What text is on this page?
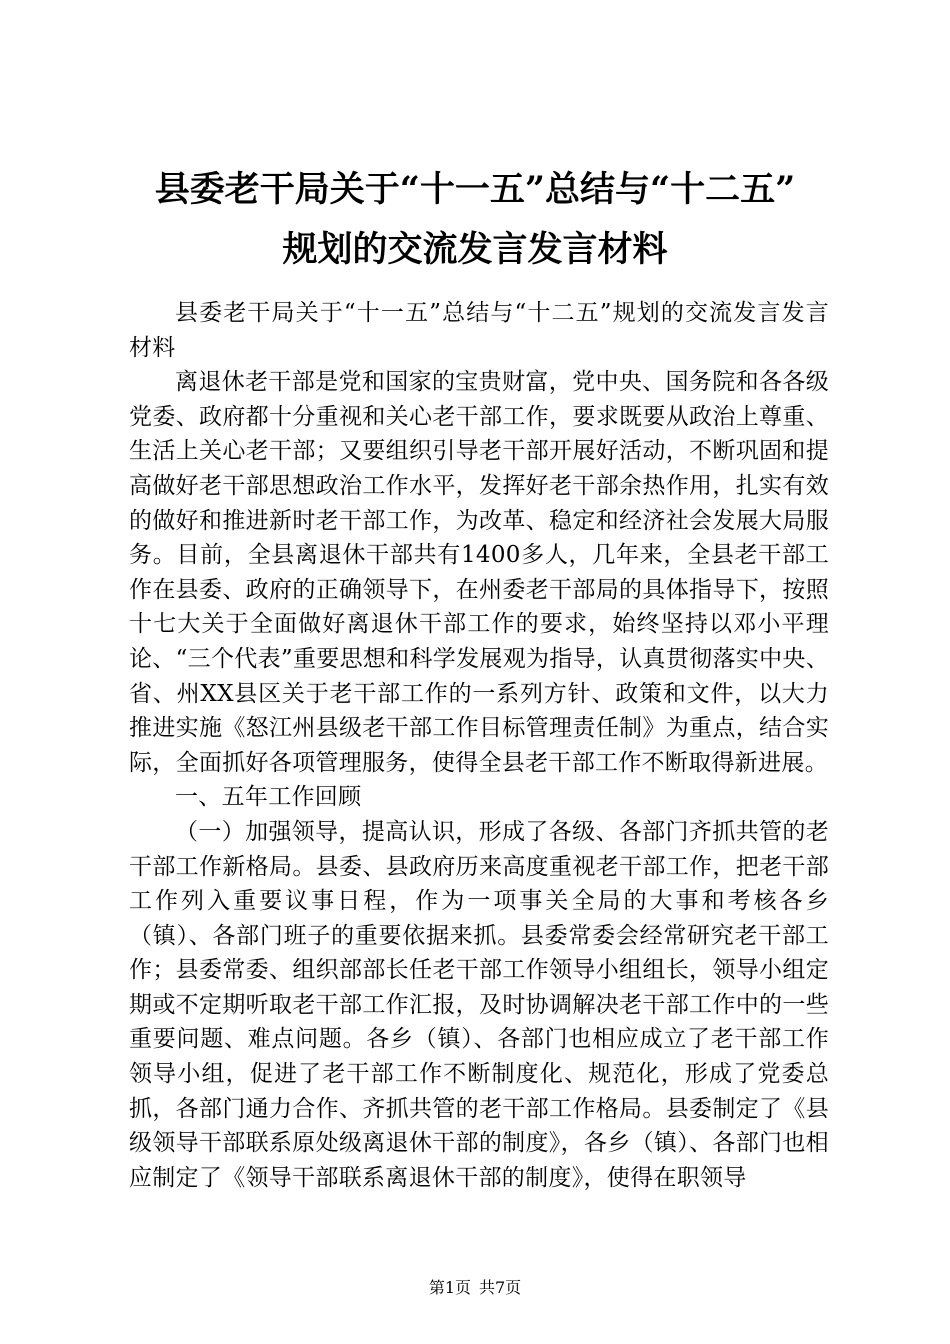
县委老干局关于“十一五”总结与“十二五”
规划的交流发言发言材料

县委老干局关于“十一五”总结与“十二五”规划的交流发言发言材料

离退休老干部是党和国家的宝贵财富，党中央、国务院和各各级党委、政府都十分重视和关心老干部工作，要求既要从政治上尊重、生活上关心老干部；又要组织引导老干部开展好活动，不断巩固和提高做好老干部思想政治工作水平，发挥好老干部余热作用，扎实有效的做好和推进新时老干部工作，为改革、稳定和经济社会发展大局服务。目前，全县离退休干部共有1400多人，几年来，全县老干部工作在县委、政府的正确领导下，在州委老干部局的具体指导下，按照十七大关于全面做好离退休干部工作的要求，始终坚持以邓小平理论、“三个代表”重要思想和科学发展观为指导，认真贯彻落实中央、省、州XX县区关于老干部工作的一系列方针、政策和文件，以大力推进实施《怒江州县级老干部工作目标管理责任制》为重点，结合实际，全面抓好各项管理服务，使得全县老干部工作不断取得新进展。

一、五年工作回顾

（一）加强领导，提高认识，形成了各级、各部门齐抓共管的老干部工作新格局。县委、县政府历来高度重视老干部工作，把老干部工作列入重要议事日程，作为一项事关全局的大事和考核各乡（镇）、各部门班子的重要依据来抓。县委常委会经常研究老干部工作；县委常委、组织部部长任老干部工作领导小组组长，领导小组定期或不定期听取老干部工作汇报，及时协调解决老干部工作中的一些重要问题、难点问题。各乡（镇）、各部门也相应成立了老干部工作领导小组，促进了老干部工作不断制度化、规范化，形成了党委总抓，各部门通力合作、齐抓共管的老干部工作格局。县委制定了《县级领导干部联系原处级离退休干部的制度》，各乡（镇）、各部门也相应制定了《领导干部联系离退休干部的制度》，使得在职领导

第1页 共7页
